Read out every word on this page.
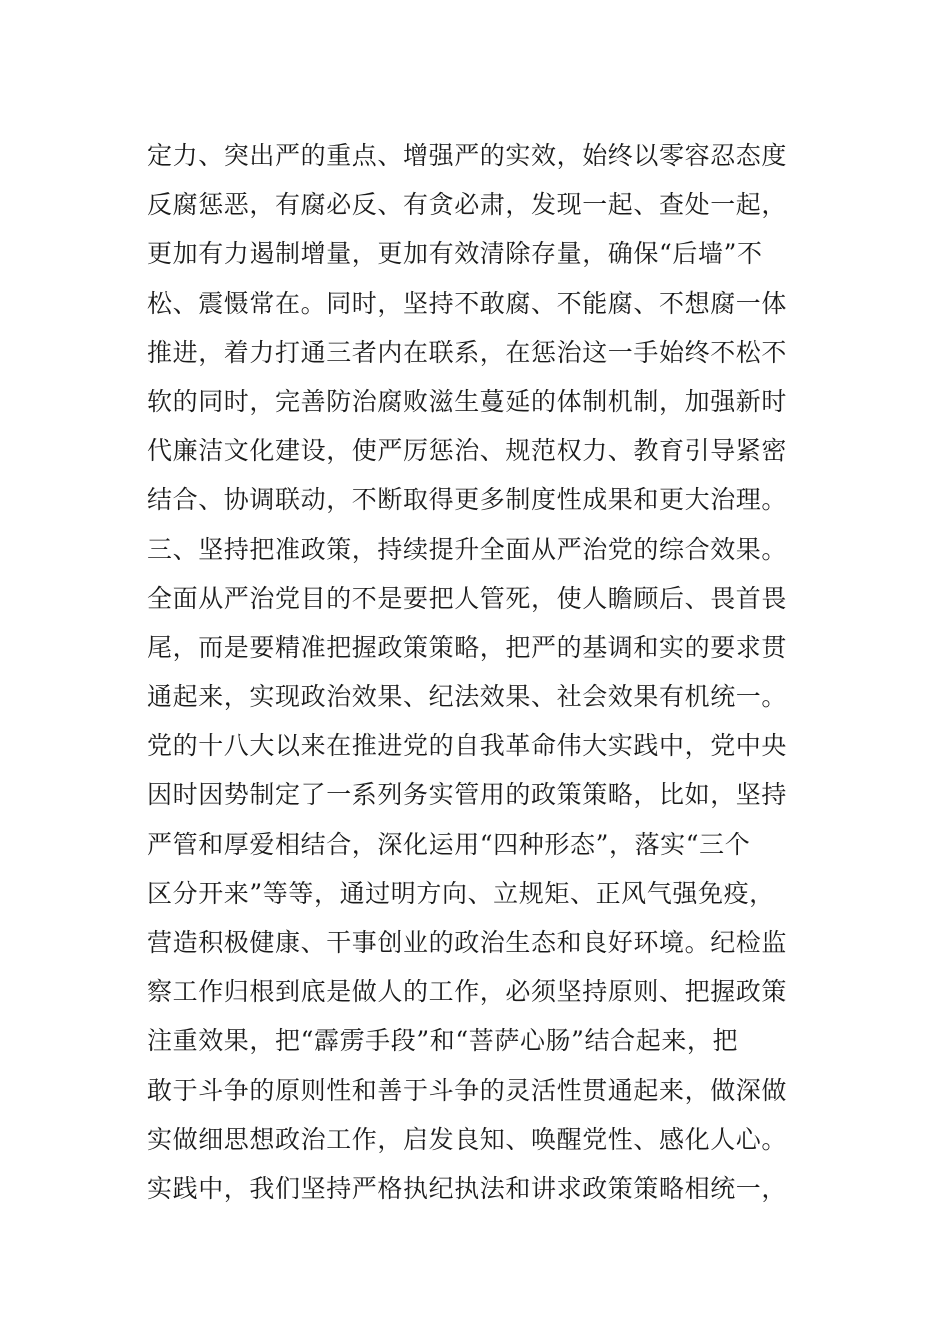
定力、突出严的重点、增强严的实效，始终以零容忍态度
反腐惩恶，有腐必反、有贪必肃，发现一起、查处一起，
更加有力遏制增量，更加有效清除存量，确保“后墙”不
松、震慑常在。同时，坚持不敢腐、不能腐、不想腐一体
推进，着力打通三者内在联系，在惩治这一手始终不松不
软的同时，完善防治腐败滋生蔓延的体制机制，加强新时
代廉洁文化建设，使严厉惩治、规范权力、教育引导紧密
结合、协调联动，不断取得更多制度性成果和更大治理。
三、坚持把准政策，持续提升全面从严治党的综合效果。
全面从严治党目的不是要把人管死，使人瞻顾后、畏首畏
尾，而是要精准把握政策策略，把严的基调和实的要求贯
通起来，实现政治效果、纪法效果、社会效果有机统一。
党的十八大以来在推进党的自我革命伟大实践中，党中央
因时因势制定了一系列务实管用的政策策略，比如，坚持
严管和厚爱相结合，深化运用“四种形态”，落实“三个
区分开来”等等，通过明方向、立规矩、正风气强免疫，
营造积极健康、干事创业的政治生态和良好环境。纪检监
察工作归根到底是做人的工作，必须坚持原则、把握政策
注重效果，把“霹雳手段”和“菩萨心肠”结合起来，把
敢于斗争的原则性和善于斗争的灵活性贯通起来，做深做
实做细思想政治工作，启发良知、唤醒党性、感化人心。
实践中，我们坚持严格执纪执法和讲求政策策略相统一，
